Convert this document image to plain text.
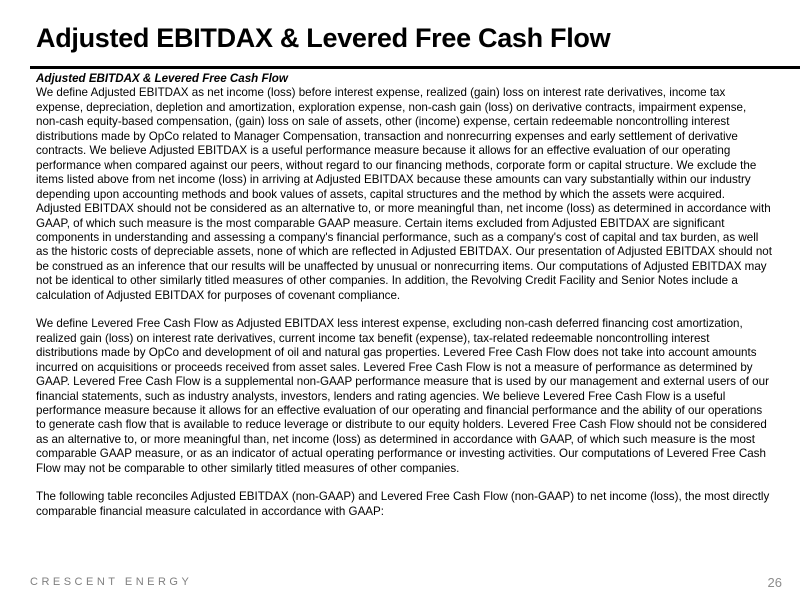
Adjusted EBITDAX & Levered Free Cash Flow

Adjusted EBITDAX & Levered Free Cash Flow

We define Adjusted EBITDAX as net income (loss) before interest expense, realized (gain) loss on interest rate derivatives, income tax expense, depreciation, depletion and amortization, exploration expense, non-cash gain (loss) on derivative contracts, impairment expense, non-cash equity-based compensation, (gain) loss on sale of assets, other (income) expense, certain redeemable noncontrolling interest distributions made by OpCo related to Manager Compensation, transaction and nonrecurring expenses and early settlement of derivative contracts. We believe Adjusted EBITDAX is a useful performance measure because it allows for an effective evaluation of our operating performance when compared against our peers, without regard to our financing methods, corporate form or capital structure. We exclude the items listed above from net income (loss) in arriving at Adjusted EBITDAX because these amounts can vary substantially within our industry depending upon accounting methods and book values of assets, capital structures and the method by which the assets were acquired. Adjusted EBITDAX should not be considered as an alternative to, or more meaningful than, net income (loss) as determined in accordance with GAAP, of which such measure is the most comparable GAAP measure. Certain items excluded from Adjusted EBITDAX are significant components in understanding and assessing a company's financial performance, such as a company's cost of capital and tax burden, as well as the historic costs of depreciable assets, none of which are reflected in Adjusted EBITDAX. Our presentation of Adjusted EBITDAX should not be construed as an inference that our results will be unaffected by unusual or nonrecurring items. Our computations of Adjusted EBITDAX may not be identical to other similarly titled measures of other companies. In addition, the Revolving Credit Facility and Senior Notes include a calculation of Adjusted EBITDAX for purposes of covenant compliance.

We define Levered Free Cash Flow as Adjusted EBITDAX less interest expense, excluding non-cash deferred financing cost amortization, realized gain (loss) on interest rate derivatives, current income tax benefit (expense), tax-related redeemable noncontrolling interest distributions made by OpCo and development of oil and natural gas properties. Levered Free Cash Flow does not take into account amounts incurred on acquisitions or proceeds received from asset sales. Levered Free Cash Flow is not a measure of performance as determined by GAAP. Levered Free Cash Flow is a supplemental non-GAAP performance measure that is used by our management and external users of our financial statements, such as industry analysts, investors, lenders and rating agencies. We believe Levered Free Cash Flow is a useful performance measure because it allows for an effective evaluation of our operating and financial performance and the ability of our operations to generate cash flow that is available to reduce leverage or distribute to our equity holders. Levered Free Cash Flow should not be considered as an alternative to, or more meaningful than, net income (loss) as determined in accordance with GAAP, of which such measure is the most comparable GAAP measure, or as an indicator of actual operating performance or investing activities. Our computations of Levered Free Cash Flow may not be comparable to other similarly titled measures of other companies.

The following table reconciles Adjusted EBITDAX (non-GAAP) and Levered Free Cash Flow (non-GAAP) to net income (loss), the most directly comparable financial measure calculated in accordance with GAAP:

CRESCENT ENERGY	26
